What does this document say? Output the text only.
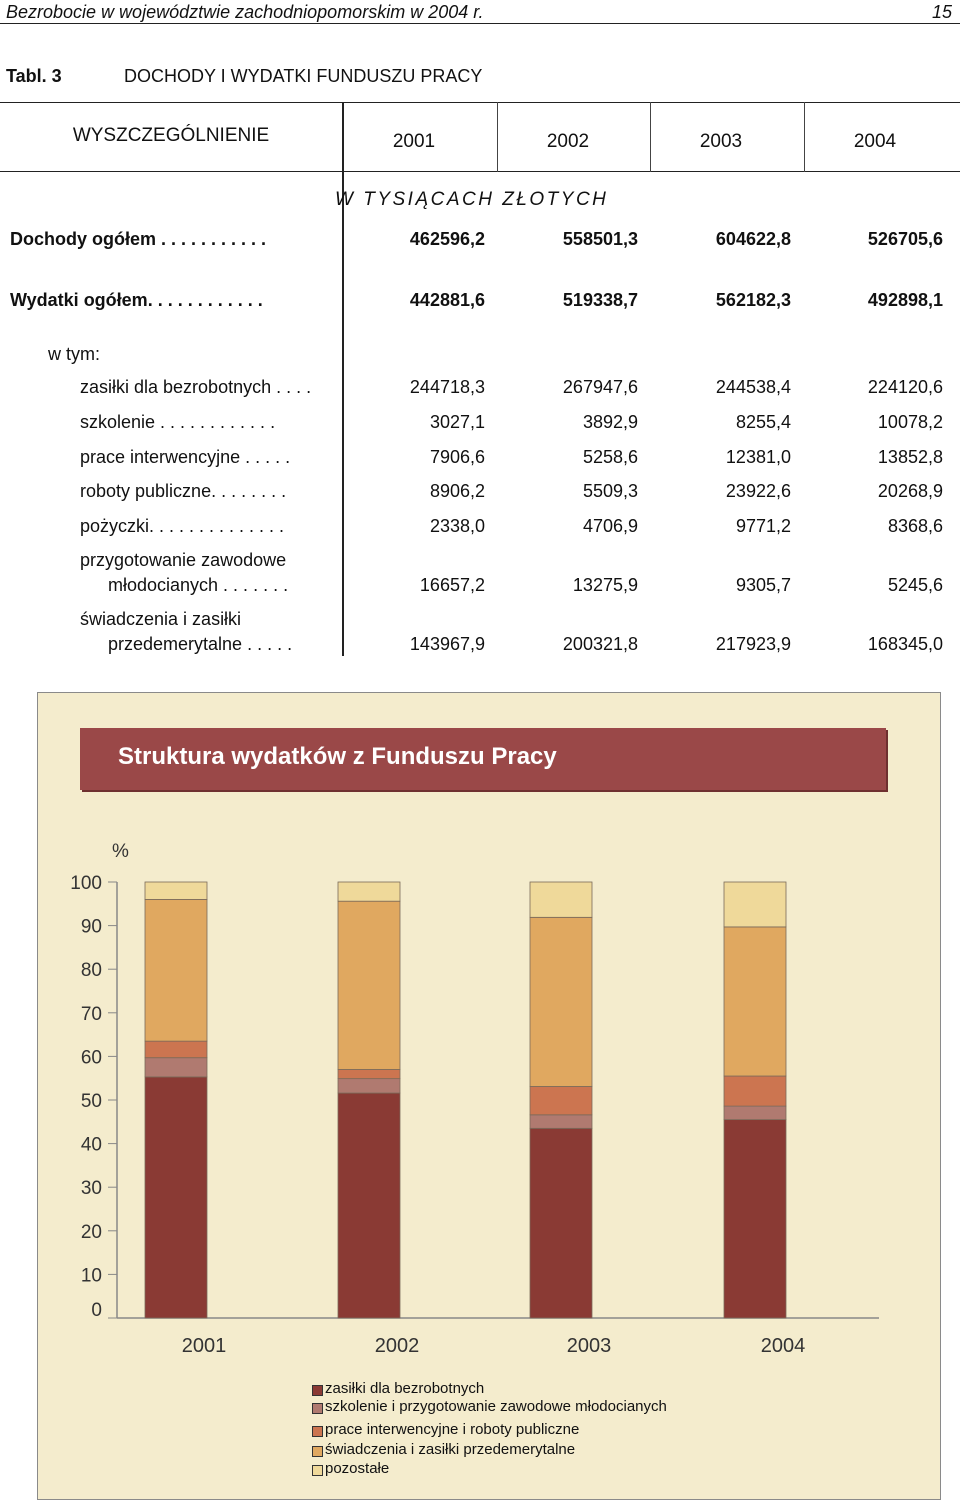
Bezrobocie w województwie zachodniopomorskim w 2004 r.	15
Tabl. 3	DOCHODY I WYDATKI FUNDUSZU PRACY
WYSZCZEGÓLNIENIE	2001	2002	2003	2004
W TYSIĄCACH ZŁOTYCH
Dochody ogółem . . . . . . . . . . .	462596,2	558501,3	604622,8	526705,6
Wydatki ogółem. . . . . . . . . . . .	442881,6	519338,7	562182,3	492898,1
w tym:
zasiłki dla bezrobotnych . . . .	244718,3	267947,6	244538,4	224120,6
szkolenie . . . . . . . . . . . .	3027,1	3892,9	8255,4	10078,2
prace interwencyjne . . . . .	7906,6	5258,6	12381,0	13852,8
roboty publiczne. . . . . . . .	8906,2	5509,3	23922,6	20268,9
pożyczki. . . . . . . . . . . . . .	2338,0	4706,9	9771,2	8368,6
przygotowanie zawodowe
młodocianych . . . . . . .	16657,2	13275,9	9305,7	5245,6
świadczenia i zasiłki
przedemerytalne . . . . .	143967,9	200321,8	217923,9	168345,0
Struktura wydatków z Funduszu Pracy
0
10
20
30
40
50
60
70
80
90
100
%
2001	2002	2003	2004
zasiłki dla bezrobotnych
szkolenie i przygotowanie zawodowe młodocianych
prace interwencyjne i roboty publiczne
świadczenia i zasiłki przedemerytalne
pozostałe
